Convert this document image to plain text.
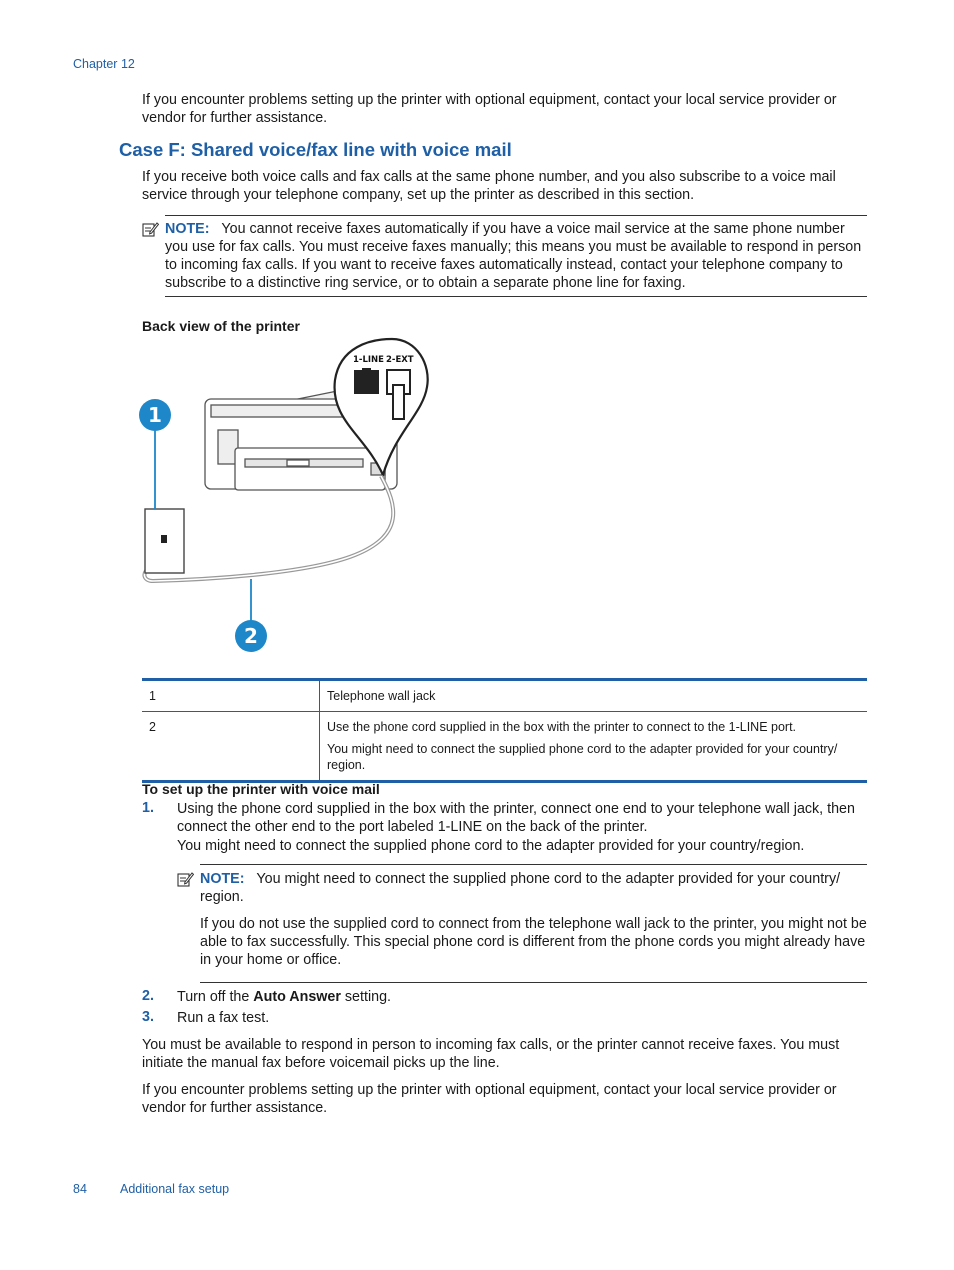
Chapter 12

If you encounter problems setting up the printer with optional equipment, contact your local service provider or vendor for further assistance.

Case F: Shared voice/fax line with voice mail

If you receive both voice calls and fax calls at the same phone number, and you also subscribe to a voice mail service through your telephone company, set up the printer as described in this section.

NOTE: You cannot receive faxes automatically if you have a voice mail service at the same phone number you use for fax calls. You must receive faxes manually; this means you must be available to respond in person to incoming fax calls. If you want to receive faxes automatically instead, contact your telephone company to subscribe to a distinctive ring service, or to obtain a separate phone line for faxing.

Back view of the printer
1-LINE 2-EXT
1
2
1	Telephone wall jack

2	Use the phone cord supplied in the box with the printer to connect to the 1-LINE port.

You might need to connect the supplied phone cord to the adapter provided for your country/ region.

To set up the printer with voice mail
1. Using the phone cord supplied in the box with the printer, connect one end to your telephone wall jack, then connect the other end to the port labeled 1-LINE on the back of the printer.

You might need to connect the supplied phone cord to the adapter provided for your country/region.

NOTE: You might need to connect the supplied phone cord to the adapter provided for your country/ region.

If you do not use the supplied cord to connect from the telephone wall jack to the printer, you might not be able to fax successfully. This special phone cord is different from the phone cords you might already have in your home or office.

2. Turn off the Auto Answer setting.

3. Run a fax test.

You must be available to respond in person to incoming fax calls, or the printer cannot receive faxes. You must initiate the manual fax before voicemail picks up the line.

If you encounter problems setting up the printer with optional equipment, contact your local service provider or vendor for further assistance.

84	Additional fax setup
